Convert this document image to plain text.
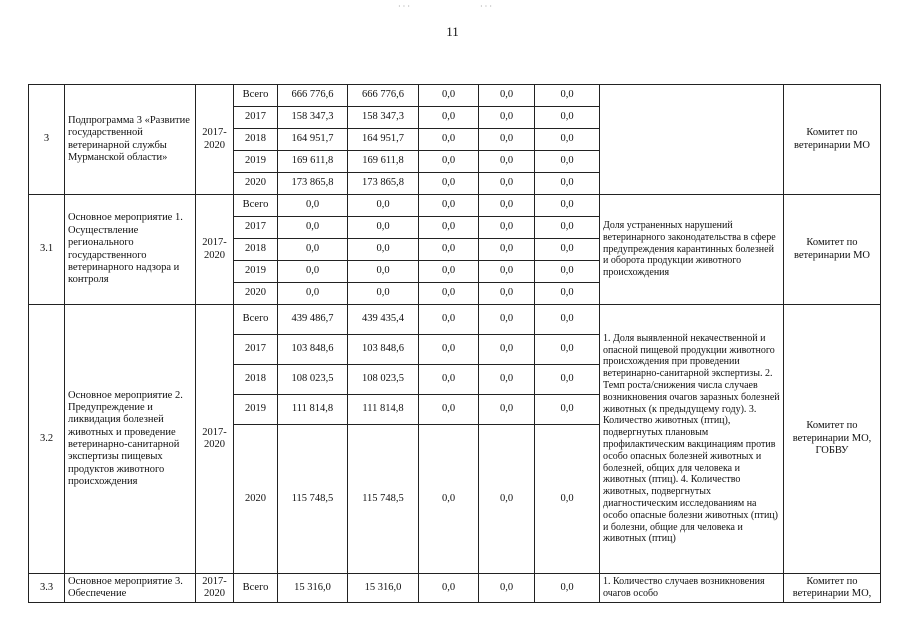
11
· · ·	· · ·
3	Подпрограмма 3 «Развитие государственной ветеринарной службы Мурманской области»	2017-2020	Всего	666 776,6	666 776,6	0,0	0,0	0,0		Комитет по ветеринарии МО
			2017	158 347,3	158 347,3	0,0	0,0	0,0		
			2018	164 951,7	164 951,7	0,0	0,0	0,0		
			2019	169 611,8	169 611,8	0,0	0,0	0,0		
			2020	173 865,8	173 865,8	0,0	0,0	0,0		
3.1	Основное мероприятие 1. Осуществление регионального государственного ветеринарного надзора и контроля	2017-2020	Всего	0,0	0,0	0,0	0,0	0,0	Доля устраненных нарушений ветеринарного законодательства в сфере предупреждения карантинных болезней и оборота продукции животного происхождения	Комитет по ветеринарии МО
			2017	0,0	0,0	0,0	0,0	0,0		
			2018	0,0	0,0	0,0	0,0	0,0		
			2019	0,0	0,0	0,0	0,0	0,0		
			2020	0,0	0,0	0,0	0,0	0,0		
3.2	Основное мероприятие 2. Предупреждение и ликвидация болезней животных и проведение ветеринарно-санитарной экспертизы пищевых продуктов животного происхождения	2017-2020	Всего	439 486,7	439 435,4	0,0	0,0	0,0	1. Доля выявленной некачественной и опасной пищевой продукции животного происхождения при проведении ветеринарно-санитарной экспертизы. 2. Темп роста/снижения числа случаев возникновения очагов заразных болезней животных (к предыдущему году). 3. Количество животных (птиц), подвергнутых плановым профилактическим вакцинациям против особо опасных болезней животных и болезней, общих для человека и животных (птиц). 4. Количество животных, подвергнутых диагностическим исследованиям на особо опасные болезни животных (птиц) и болезни, общие для человека и животных (птиц)	Комитет по ветеринарии МО, ГОБВУ
			2017	103 848,6	103 848,6	0,0	0,0	0,0		
			2018	108 023,5	108 023,5	0,0	0,0	0,0		
			2019	111 814,8	111 814,8	0,0	0,0	0,0		
			2020	115 748,5	115 748,5	0,0	0,0	0,0		
3.3	Основное мероприятие 3. Обеспечение	2017-2020	Всего	15 316,0	15 316,0	0,0	0,0	0,0	1. Количество случаев возникновения очагов особо	Комитет по ветеринарии МО,
